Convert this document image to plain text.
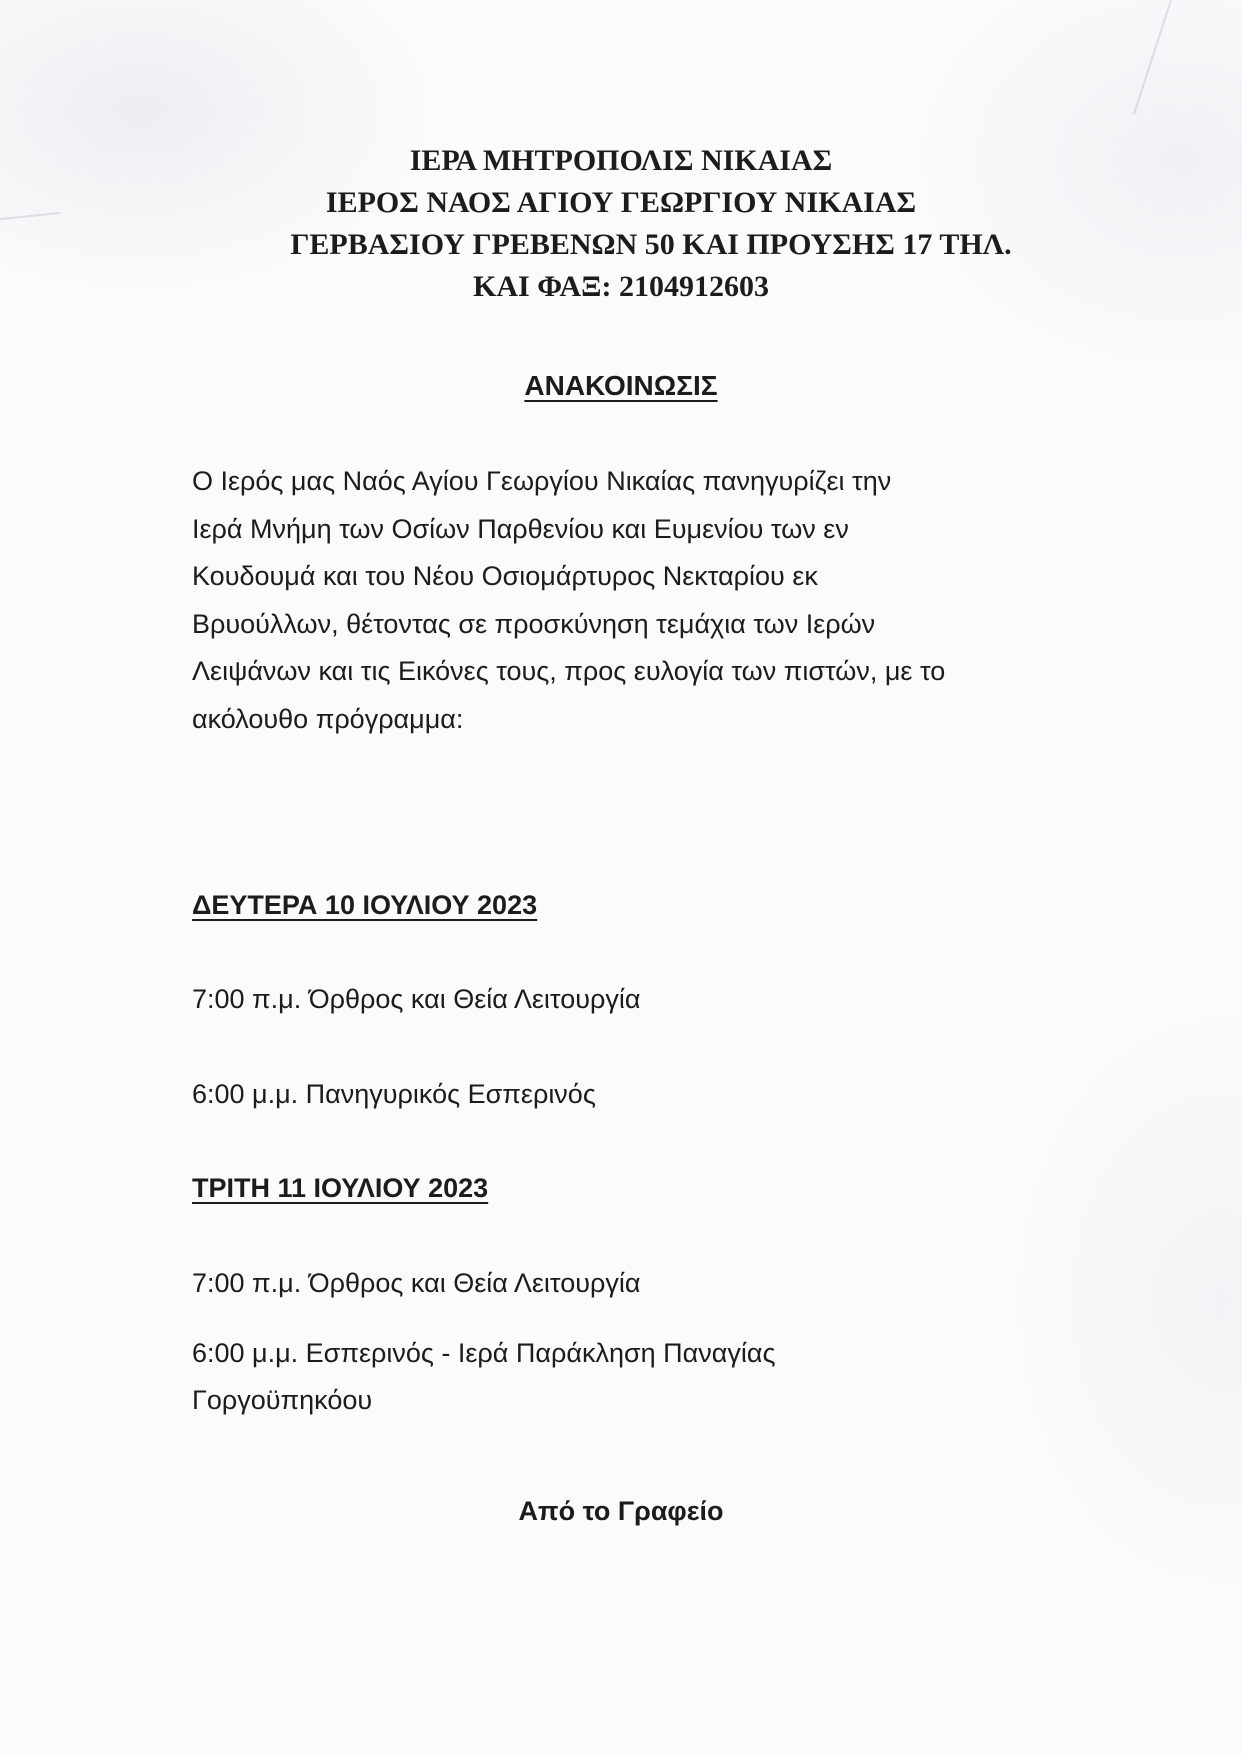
ΙΕΡΑ ΜΗΤΡΟΠΟΛΙΣ ΝΙΚΑΙΑΣ
ΙΕΡΟΣ ΝΑΟΣ ΑΓΙΟΥ ΓΕΩΡΓΙΟΥ ΝΙΚΑΙΑΣ
ΓΕΡΒΑΣΙΟΥ ΓΡΕΒΕΝΩΝ 50 ΚΑΙ ΠΡΟΥΣΗΣ 17 ΤΗΛ.
ΚΑΙ ΦΑΞ: 2104912603
ΑΝΑΚΟΙΝΩΣΙΣ
Ο Ιερός μας Ναός Αγίου Γεωργίου Νικαίας πανηγυρίζει την
Ιερά Μνήμη των Οσίων Παρθενίου και Ευμενίου των εν
Κουδουμά και του Νέου Οσιομάρτυρος Νεκταρίου εκ
Βρυούλλων, θέτοντας σε προσκύνηση τεμάχια των Ιερών
Λειψάνων και τις Εικόνες τους, προς ευλογία των πιστών, με το
ακόλουθο πρόγραμμα:
ΔΕΥΤΕΡΑ 10 ΙΟΥΛΙΟΥ 2023
7:00 π.μ. Όρθρος και Θεία Λειτουργία
6:00 μ.μ. Πανηγυρικός Εσπερινός
ΤΡΙΤΗ 11 ΙΟΥΛΙΟΥ 2023
7:00 π.μ. Όρθρος και Θεία Λειτουργία
6:00 μ.μ. Εσπερινός - Ιερά Παράκληση Παναγίας
Γοργοϋπηκόου
Από το Γραφείο
